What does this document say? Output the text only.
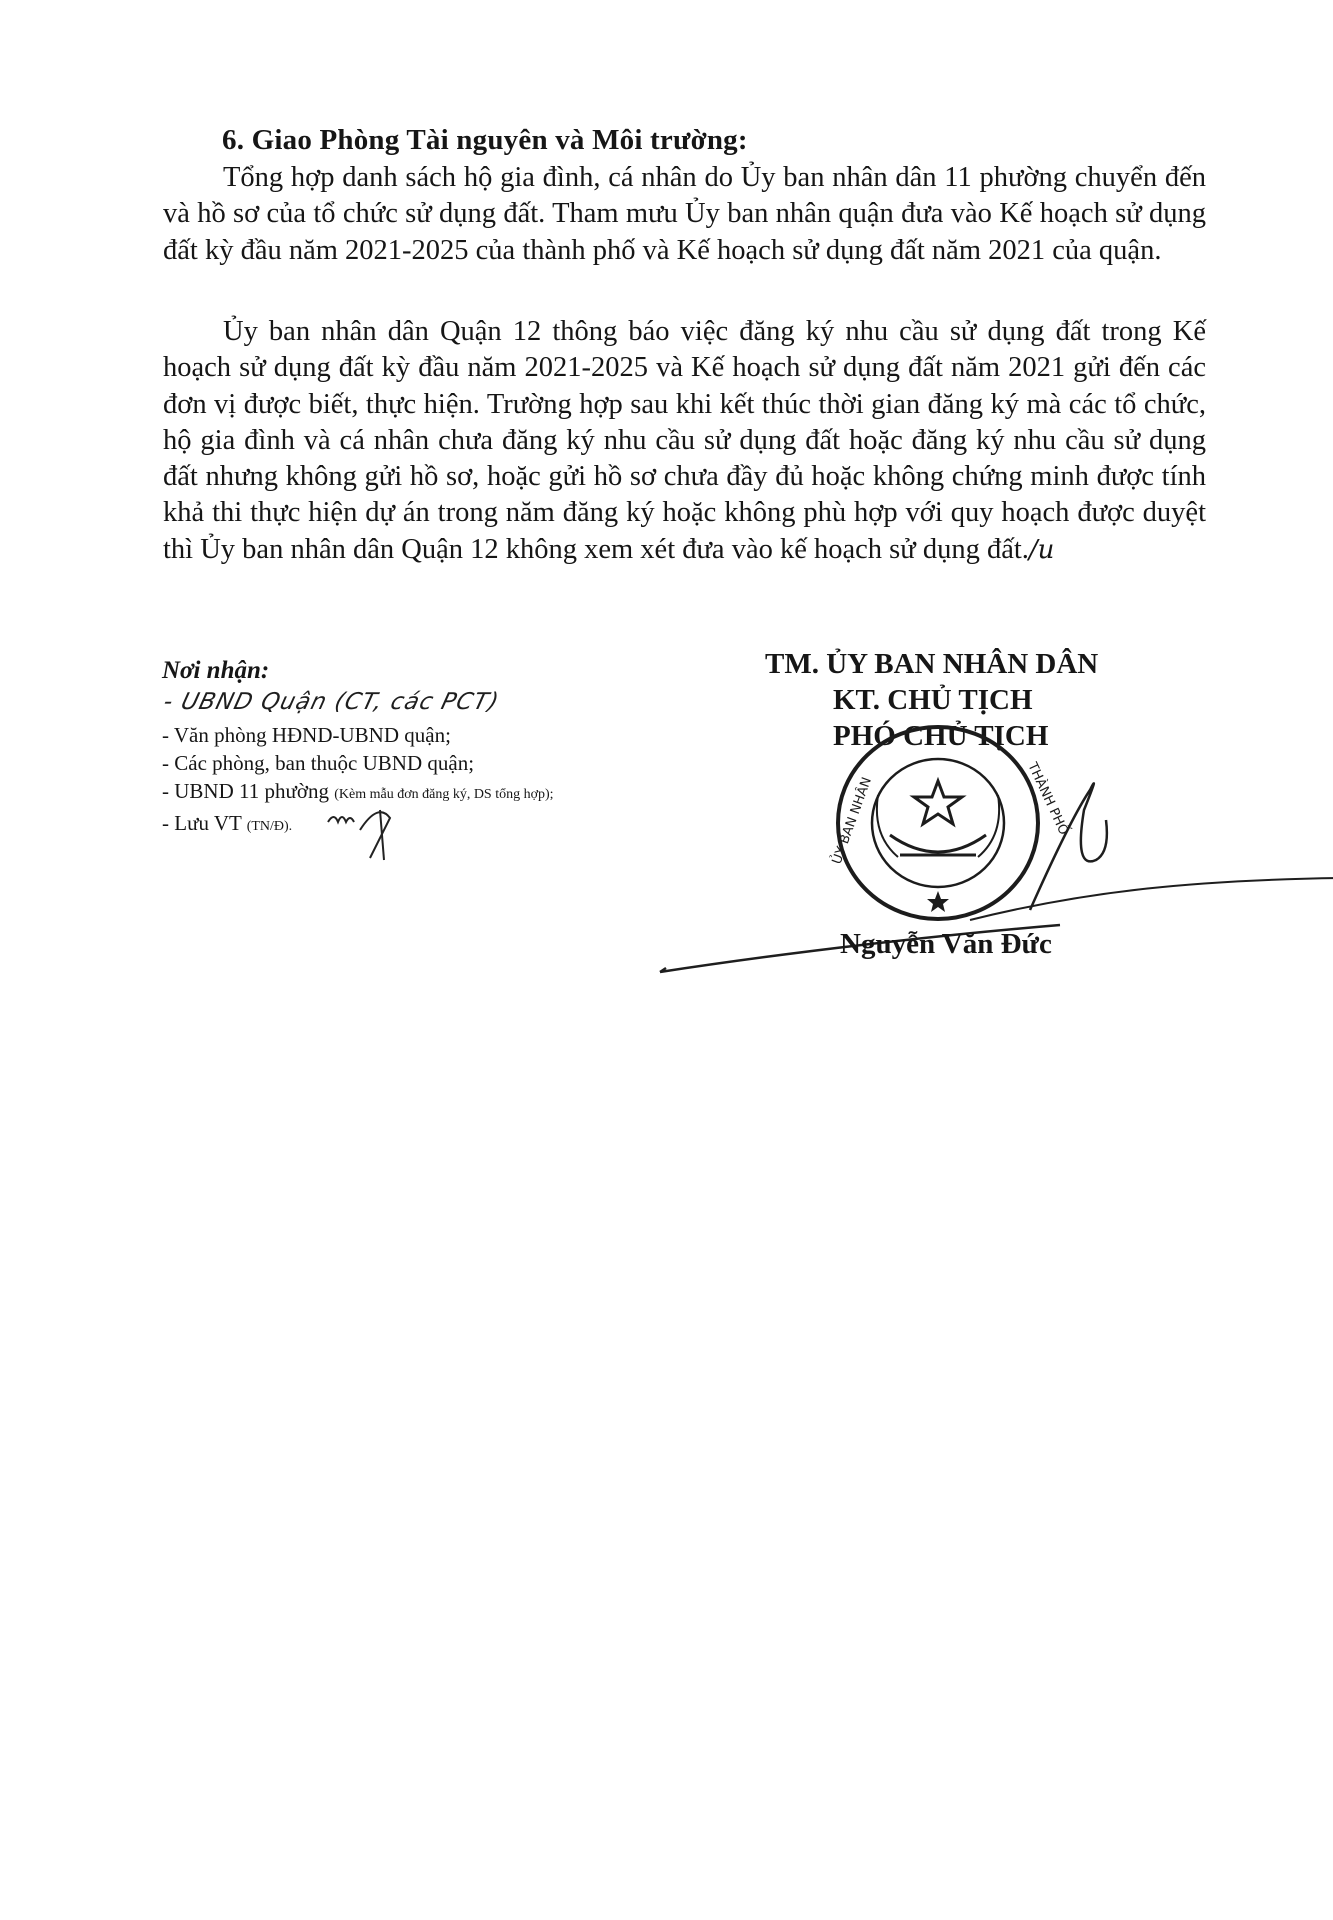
6. Giao Phòng Tài nguyên và Môi trường:

Tổng hợp danh sách hộ gia đình, cá nhân do Ủy ban nhân dân 11 phường chuyển đến và hồ sơ của tổ chức sử dụng đất. Tham mưu Ủy ban nhân quận đưa vào Kế hoạch sử dụng đất kỳ đầu năm 2021-2025 của thành phố và Kế hoạch sử dụng đất năm 2021 của quận.

Ủy ban nhân dân Quận 12 thông báo việc đăng ký nhu cầu sử dụng đất trong Kế hoạch sử dụng đất kỳ đầu năm 2021-2025 và Kế hoạch sử dụng đất năm 2021 gửi đến các đơn vị được biết, thực hiện. Trường hợp sau khi kết thúc thời gian đăng ký mà các tổ chức, hộ gia đình và cá nhân chưa đăng ký nhu cầu sử dụng đất hoặc đăng ký nhu cầu sử dụng đất nhưng không gửi hồ sơ, hoặc gửi hồ sơ chưa đầy đủ hoặc không chứng minh được tính khả thi thực hiện dự án trong năm đăng ký hoặc không phù hợp với quy hoạch được duyệt thì Ủy ban nhân dân Quận 12 không xem xét đưa vào kế hoạch sử dụng đất./u

Nơi nhận:
- UBND Quận (CT, các PCT)
- Văn phòng HĐND-UBND quận;
- Các phòng, ban thuộc UBND quận;
- UBND 11 phường (Kèm mẫu đơn đăng ký, DS tổng hợp);
- Lưu VT (TN/Đ).
TM. ỦY BAN NHÂN DÂN
KT. CHỦ TỊCH
PHÓ CHỦ TỊCH
ỦY BAN NHÂN	THÀNH PHỐ
Nguyễn Văn Đức
